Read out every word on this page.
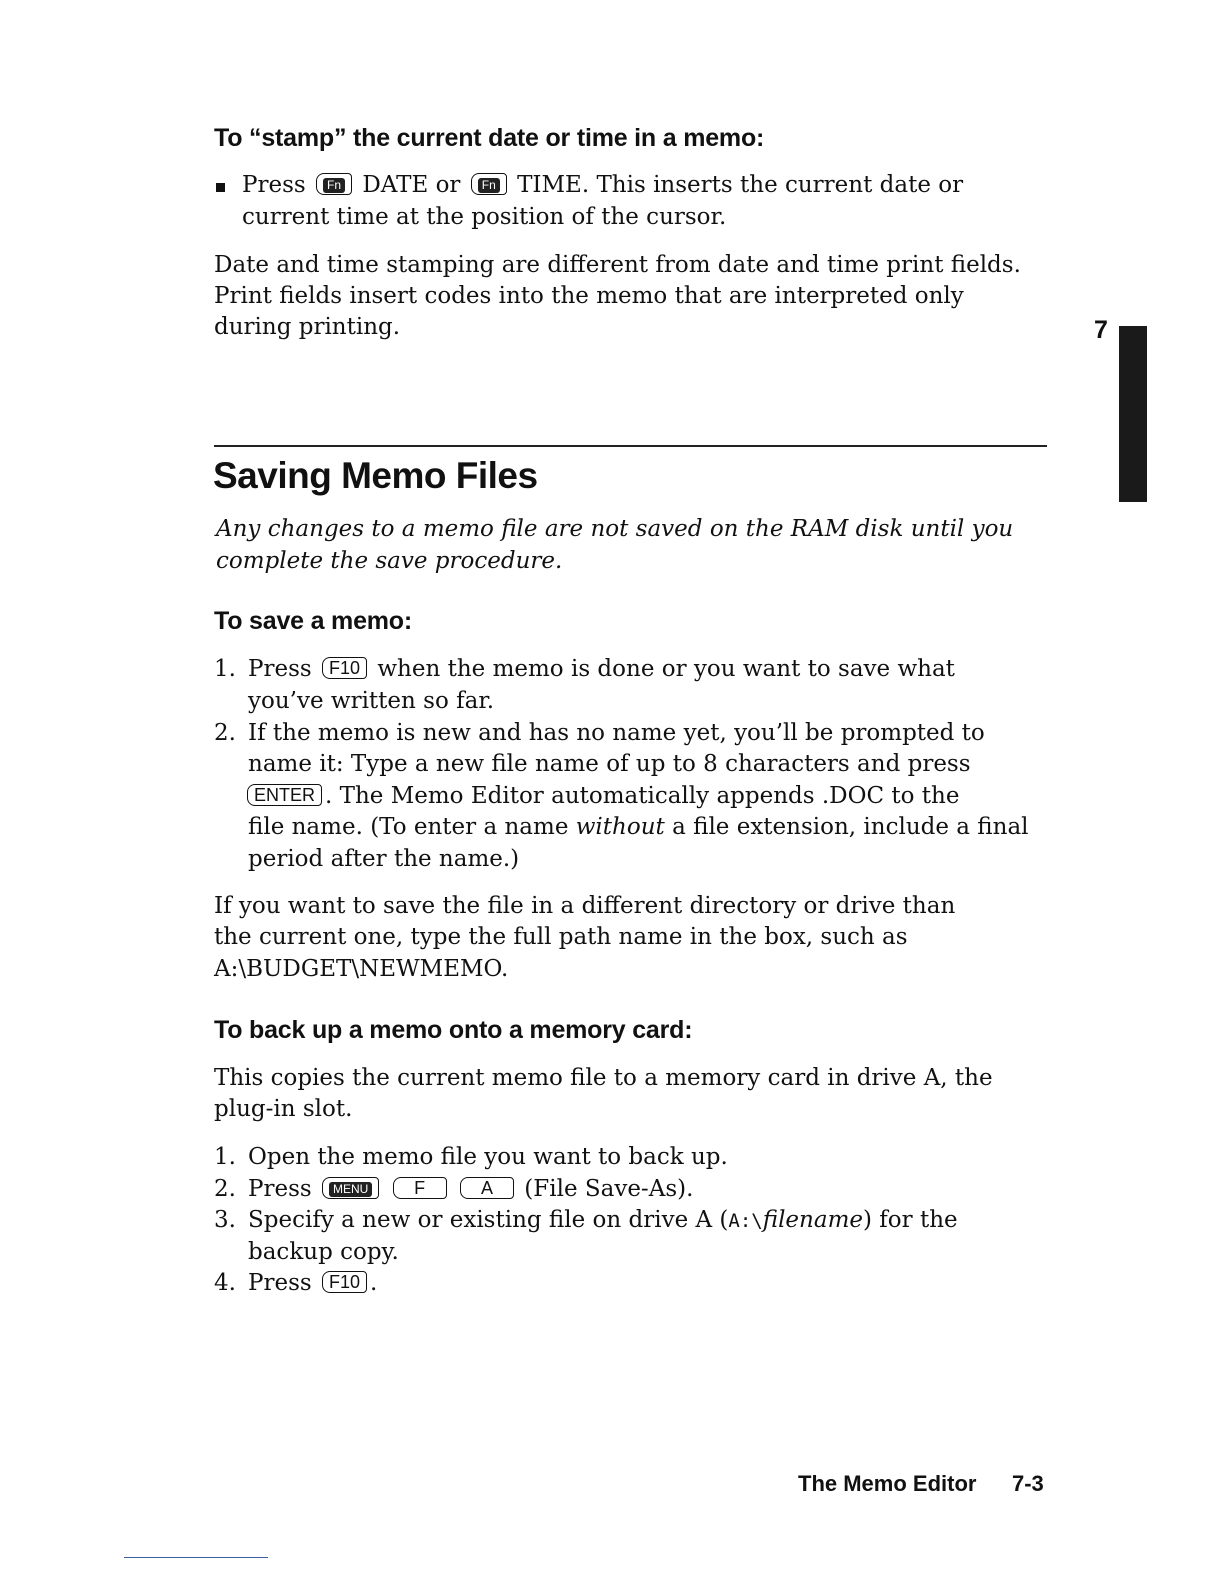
To “stamp” the current date or time in a memo:
Press Fn DATE or Fn TIME. This inserts the current date or
current time at the position of the cursor.
Date and time stamping are different from date and time print fields.
Print fields insert codes into the memo that are interpreted only
during printing.	7
Saving Memo Files
Any changes to a memo file are not saved on the RAM disk until you
complete the save procedure.
To save a memo:
1. Press F10 when the memo is done or you want to save what
you’ve written so far.
2. If the memo is new and has no name yet, you’ll be prompted to
name it: Type a new file name of up to 8 characters and press
ENTER . The Memo Editor automatically appends .DOC to the
file name. (To enter a name without a file extension, include a final
period after the name.)
If you want to save the file in a different directory or drive than
the current one, type the full path name in the box, such as
A:\BUDGET\NEWMEMO.
To back up a memo onto a memory card:
This copies the current memo file to a memory card in drive A, the
plug-in slot.
1. Open the memo file you want to back up.
2. Press MENU	F	A (File Save-As).
3. Specify a new or existing file on drive A (A:\filename) for the
backup copy.
4. Press F10 .
The Memo Editor 7-3
